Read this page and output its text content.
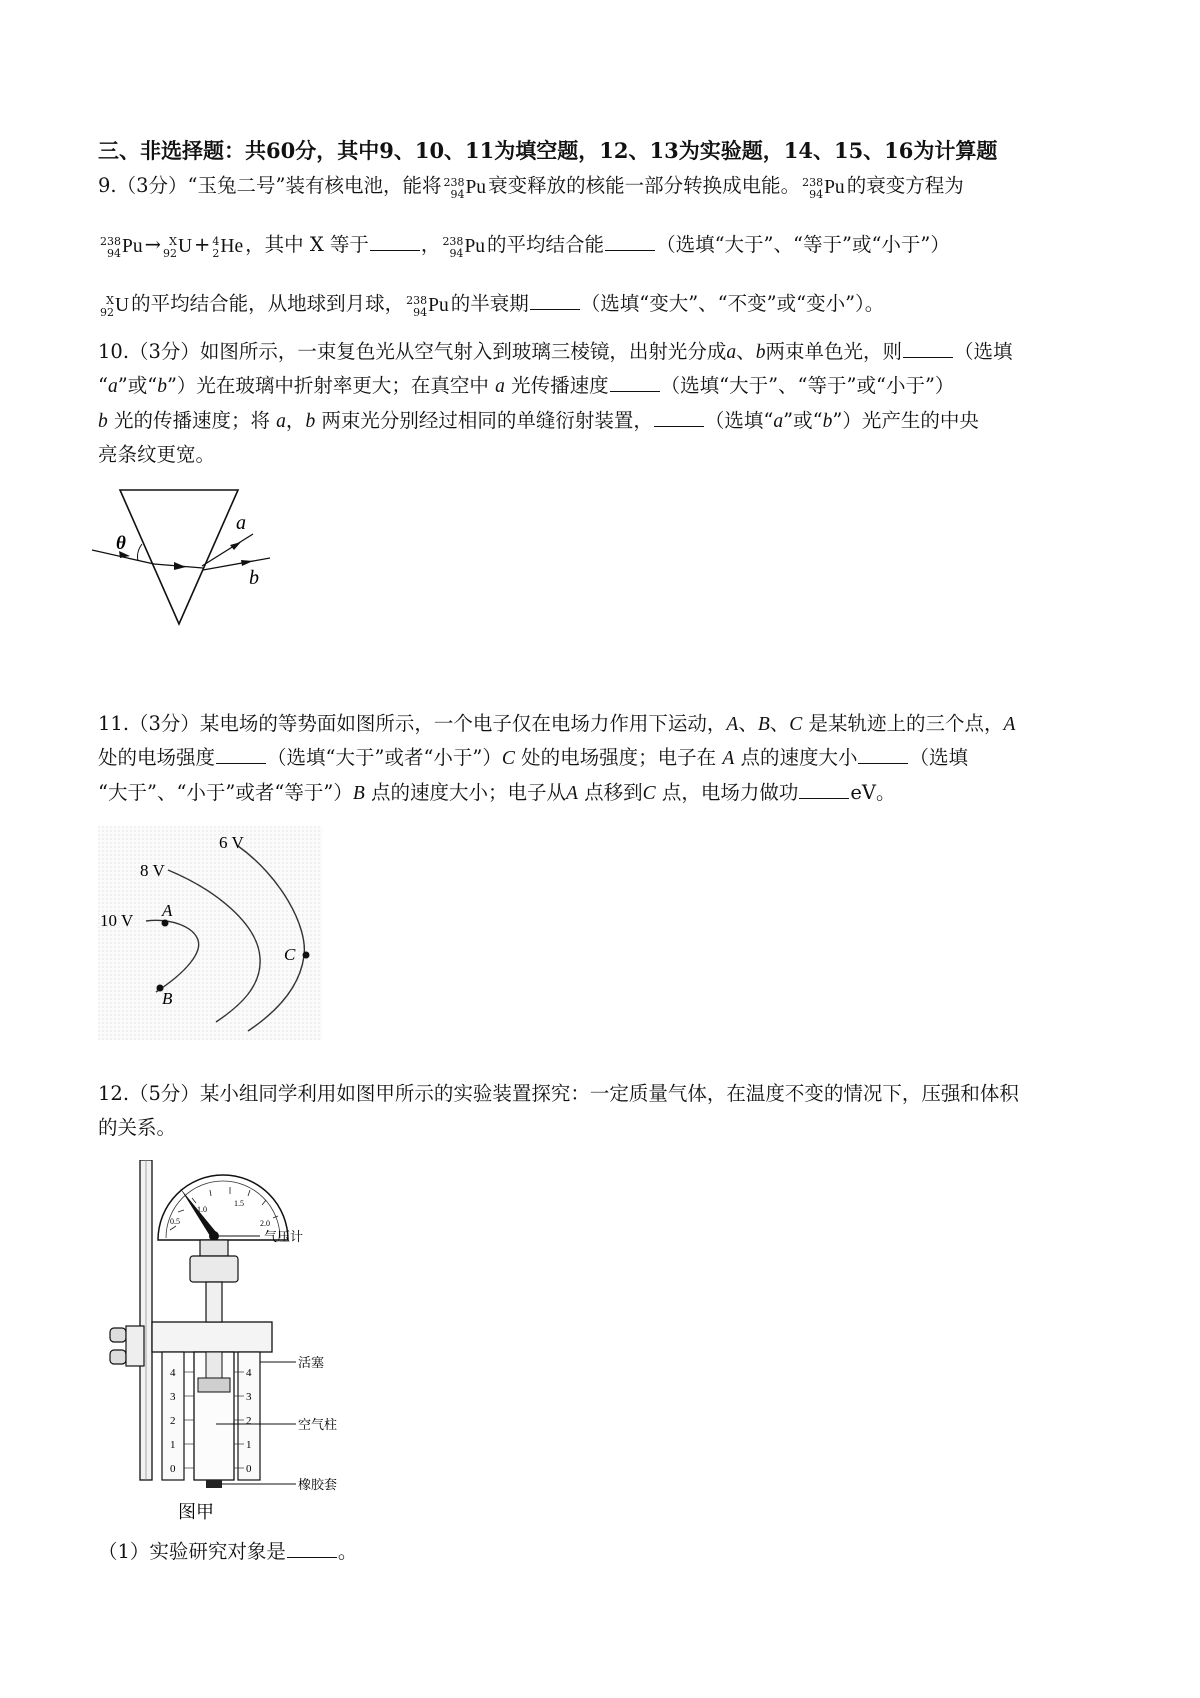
三、非选择题：共60分，其中9、10、11为填空题，12、13为实验题，14、15、16为计算题
9.（3分）“玉兔二号”装有核电池，能将 238
94 Pu 衰变释放的核能一部分转换成电能。 238
94 Pu 的衰变方程为
238
94 Pu → X
92 U + 4
2 He ，其中 X 等于	， 238
94 Pu 的平均结合能	（选填“大于”、“等于”或“小于”）
X
92 U 的平均结合能，从地球到月球， 238
94 Pu 的半衰期	（选填“变大”、“不变”或“变小”）。
10.（3分）如图所示，一束复色光从空气射入到玻璃三棱镜，出射光分成a、b两束单色光，则	（选填
“a”或“b”）光在玻璃中折射率更大；在真空中 a 光传播速度	（选填“大于”、“等于”或“小于”）
b 光的传播速度；将 a，b 两束光分别经过相同的单缝衍射装置，	（选填“a”或“b”）光产生的中央
亮条纹更宽。
θ
a
b
11.（3分）某电场的等势面如图所示，一个电子仅在电场力作用下运动，A、B、C 是某轨迹上的三个点，A
处的电场强度	（选填“大于”或者“小于”）C 处的电场强度；电子在 A 点的速度大小	（选填
“大于”、“小于”或者“等于”）B 点的速度大小；电子从A 点移到C 点，电场力做功	eV。
6 V
8 V
10 V
A
B
C
12.（5分）某小组同学利用如图甲所示的实验装置探究：一定质量气体，在温度不变的情况下，压强和体积
的关系。
0.5
1.0
1.5
2.0
气压计
4
3
2
1
0
4
3
2
1
0
活塞
空气柱
橡胶套
图甲
（1）实验研究对象是	。
